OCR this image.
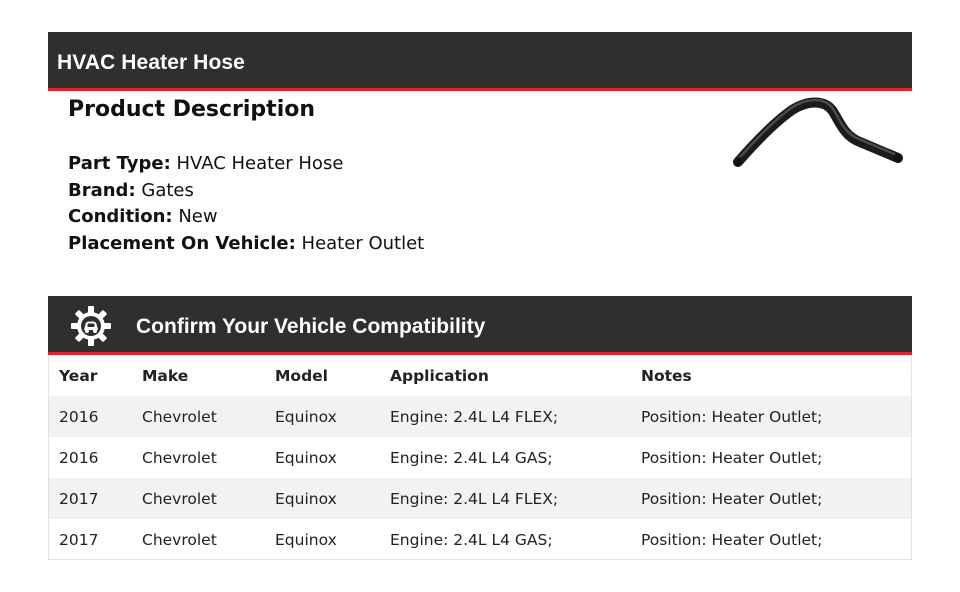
HVAC Heater Hose
Product Description
Part Type: HVAC Heater Hose
Brand: Gates
Condition: New
Placement On Vehicle: Heater Outlet
Confirm Your Vehicle Compatibility
Year	Make	Model	Application	Notes
2016	Chevrolet	Equinox	Engine: 2.4L L4 FLEX;	Position: Heater Outlet;
2016	Chevrolet	Equinox	Engine: 2.4L L4 GAS;	Position: Heater Outlet;
2017	Chevrolet	Equinox	Engine: 2.4L L4 FLEX;	Position: Heater Outlet;
2017	Chevrolet	Equinox	Engine: 2.4L L4 GAS;	Position: Heater Outlet;
